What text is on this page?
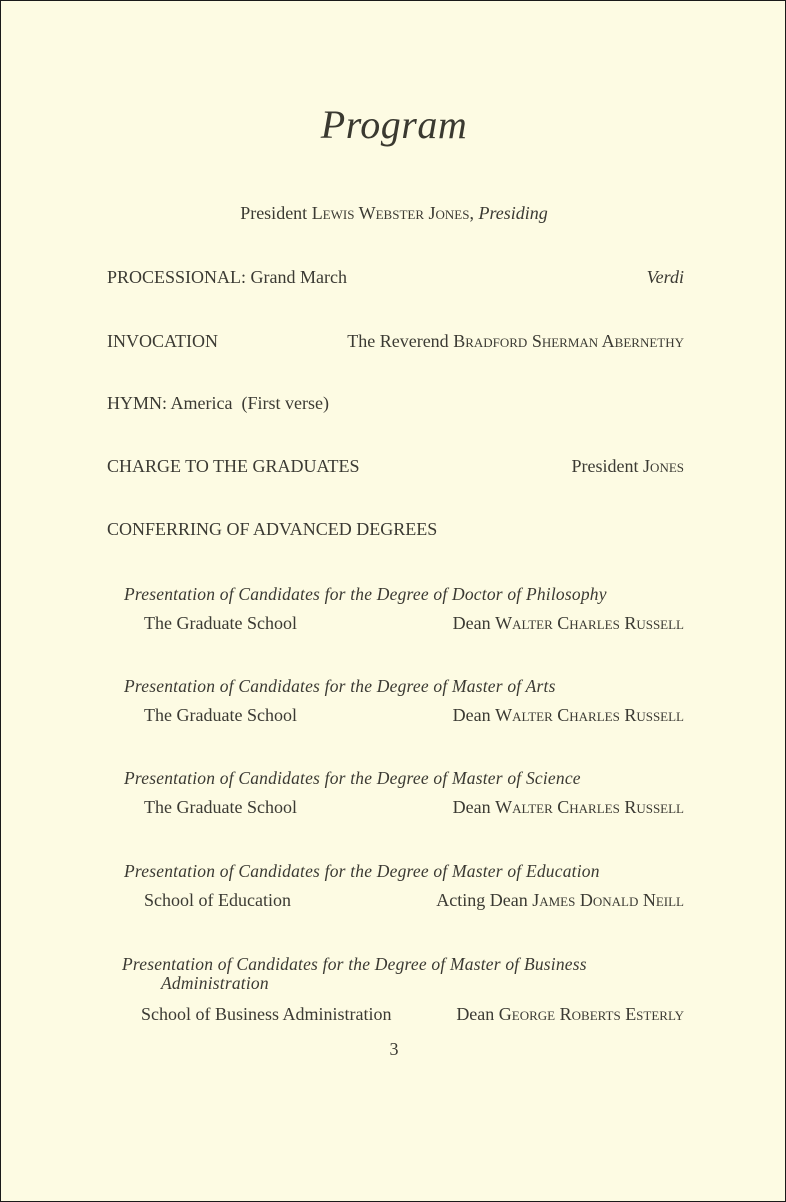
Program
President Lewis Webster Jones, Presiding
PROCESSIONAL: Grand March	Verdi
INVOCATION	The Reverend Bradford Sherman Abernethy
HYMN: America  (First verse)
CHARGE TO THE GRADUATES	President Jones
CONFERRING OF ADVANCED DEGREES
Presentation of Candidates for the Degree of Doctor of Philosophy
The Graduate School	Dean Walter Charles Russell
Presentation of Candidates for the Degree of Master of Arts
The Graduate School	Dean Walter Charles Russell
Presentation of Candidates for the Degree of Master of Science
The Graduate School	Dean Walter Charles Russell
Presentation of Candidates for the Degree of Master of Education
School of Education	Acting Dean James Donald Neill
Presentation of Candidates for the Degree of Master of Business
Administration
School of Business Administration	Dean George Roberts Esterly
3
